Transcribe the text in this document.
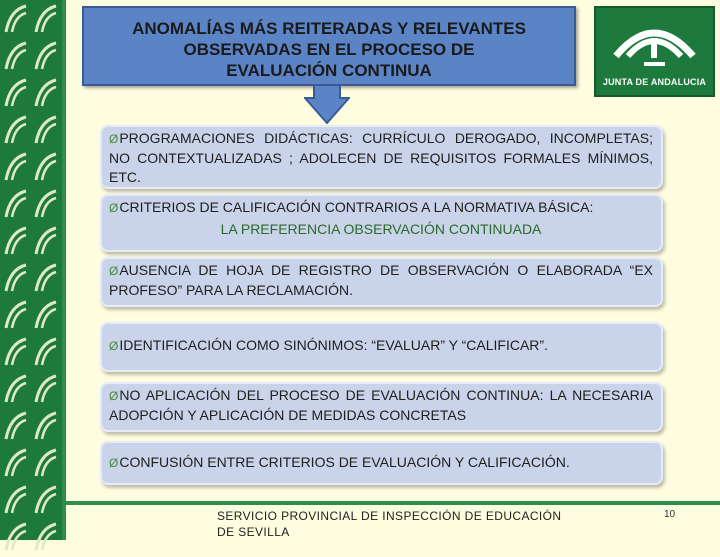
ANOMALÍAS MÁS REITERADAS Y RELEVANTES
OBSERVADAS EN EL PROCESO DE
EVALUACIÓN CONTINUA
JUNTA DE ANDALUCIA
ØPROGRAMACIONES DIDÁCTICAS: CURRÍCULO DEROGADO, INCOMPLETAS; NO CONTEXTUALIZADAS ; ADOLECEN DE REQUISITOS FORMALES MÍNIMOS, ETC.
ØCRITERIOS DE CALIFICACIÓN CONTRARIOS A LA NORMATIVA BÁSICA:
LA PREFERENCIA OBSERVACIÓN CONTINUADA
ØAUSENCIA DE HOJA DE REGISTRO DE OBSERVACIÓN O ELABORADA “EX PROFESO” PARA LA RECLAMACIÓN.
ØIDENTIFICACIÓN COMO SINÓNIMOS: “EVALUAR” Y “CALIFICAR”.
ØNO APLICACIÓN DEL PROCESO DE EVALUACIÓN CONTINUA: LA NECESARIA ADOPCIÓN Y APLICACIÓN DE MEDIDAS CONCRETAS
ØCONFUSIÓN ENTRE CRITERIOS DE EVALUACIÓN Y CALIFICACIÓN.
SERVICIO PROVINCIAL DE INSPECCIÓN DE EDUCACIÓN
DE SEVILLA
10
